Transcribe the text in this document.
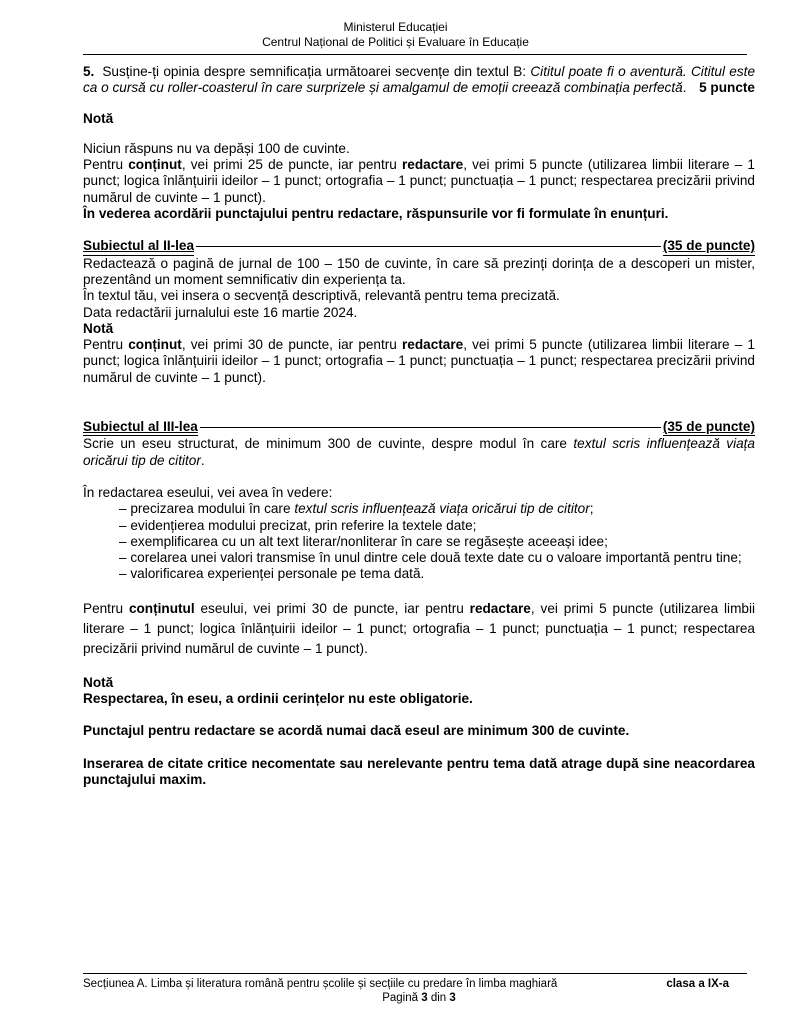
Ministerul Educației
Centrul Național de Politici și Evaluare în Educație

5. Susține-ți opinia despre semnificația următoarei secvențe din textul B: Cititul poate fi o aventură. Cititul este ca o cursă cu roller-coasterul în care surprizele și amalgamul de emoții creează combinația perfectă. 5 puncte

Notă

Niciun răspuns nu va depăși 100 de cuvinte.

Pentru conținut, vei primi 25 de puncte, iar pentru redactare, vei primi 5 puncte (utilizarea limbii literare – 1 punct; logica înlănțuirii ideilor – 1 punct; ortografia – 1 punct; punctuația – 1 punct; respectarea precizării privind numărul de cuvinte – 1 punct).

În vederea acordării punctajului pentru redactare, răspunsurile vor fi formulate în enunțuri.

Subiectul al II-lea	(35 de puncte)

Redactează o pagină de jurnal de 100 – 150 de cuvinte, în care să prezinți dorința de a descoperi un mister, prezentând un moment semnificativ din experiența ta.

În textul tău, vei insera o secvență descriptivă, relevantă pentru tema precizată.

Data redactării jurnalului este 16 martie 2024.

Notă

Pentru conținut, vei primi 30 de puncte, iar pentru redactare, vei primi 5 puncte (utilizarea limbii literare – 1 punct; logica înlănțuirii ideilor – 1 punct; ortografia – 1 punct; punctuația – 1 punct; respectarea precizării privind numărul de cuvinte – 1 punct).

Subiectul al III-lea	(35 de puncte)

Scrie un eseu structurat, de minimum 300 de cuvinte, despre modul în care textul scris influențează viața oricărui tip de cititor.

În redactarea eseului, vei avea în vedere:

– precizarea modului în care textul scris influențează viața oricărui tip de cititor;
– evidențierea modului precizat, prin referire la textele date;
– exemplificarea cu un alt text literar/nonliterar în care se regăsește aceeași idee;
– corelarea unei valori transmise în unul dintre cele două texte date cu o valoare importantă pentru tine;
– valorificarea experienței personale pe tema dată.

Pentru conținutul eseului, vei primi 30 de puncte, iar pentru redactare, vei primi 5 puncte (utilizarea limbii literare – 1 punct; logica înlănțuirii ideilor – 1 punct; ortografia – 1 punct; punctuația – 1 punct; respectarea precizării privind numărul de cuvinte – 1 punct).

Notă

Respectarea, în eseu, a ordinii cerințelor nu este obligatorie.

Punctajul pentru redactare se acordă numai dacă eseul are minimum 300 de cuvinte.

Inserarea de citate critice necomentate sau nerelevante pentru tema dată atrage după sine neacordarea punctajului maxim.

Secțiunea A. Limba și literatura română pentru școlile și secțiile cu predare în limba maghiară	clasa a IX-a
Pagină 3 din 3
